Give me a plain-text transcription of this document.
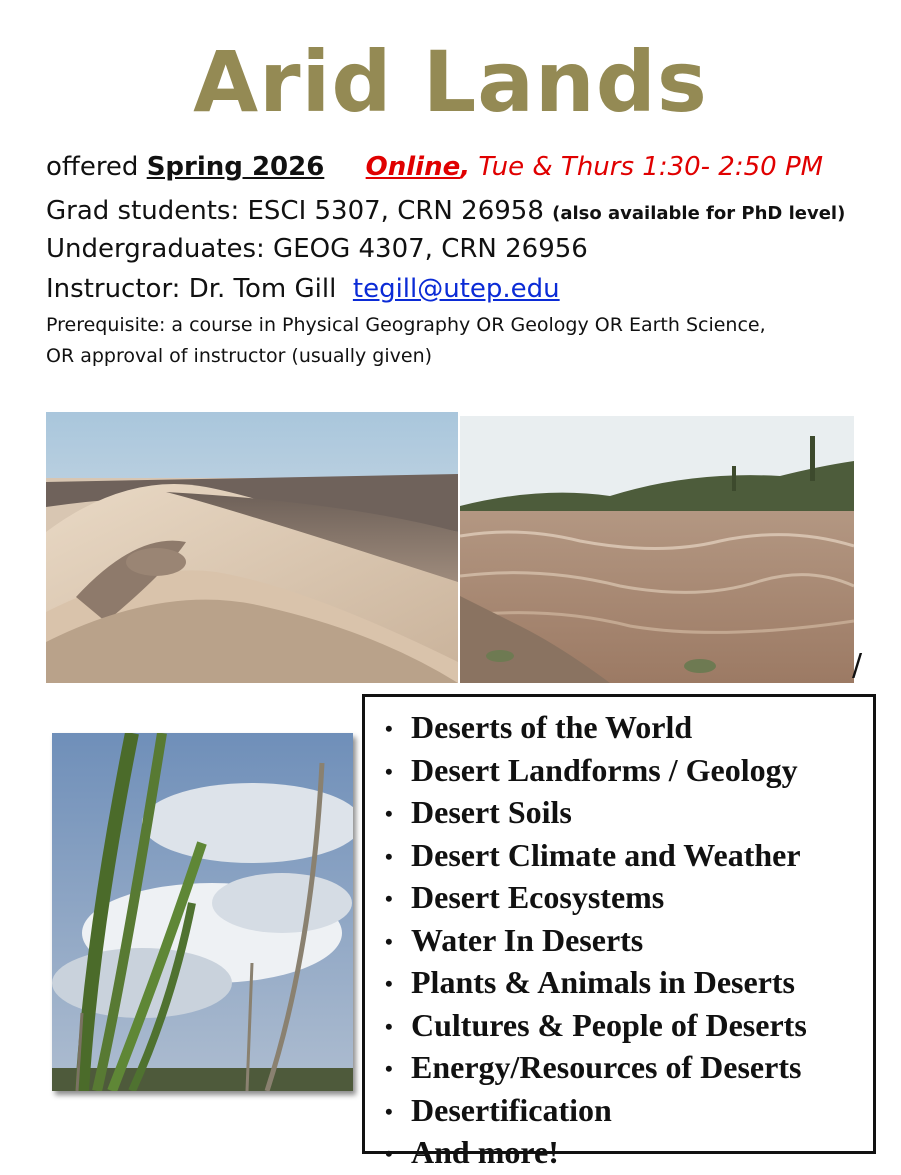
Arid Lands
offered Spring 2026 Online, Tue & Thurs 1:30- 2:50 PM
Grad students: ESCI 5307, CRN 26958 (also available for PhD level)
Undergraduates: GEOG 4307, CRN 26956
Instructor: Dr. Tom Gill tegill@utep.edu
Prerequisite: a course in Physical Geography OR Geology OR Earth Science,
OR approval of instructor (usually given)
/
• Deserts of the World
• Desert Landforms / Geology
• Desert Soils
• Desert Climate and Weather
• Desert Ecosystems
• Water In Deserts
• Plants & Animals in Deserts
• Cultures & People of Deserts
• Energy/Resources of Deserts
• Desertification
• And more!
